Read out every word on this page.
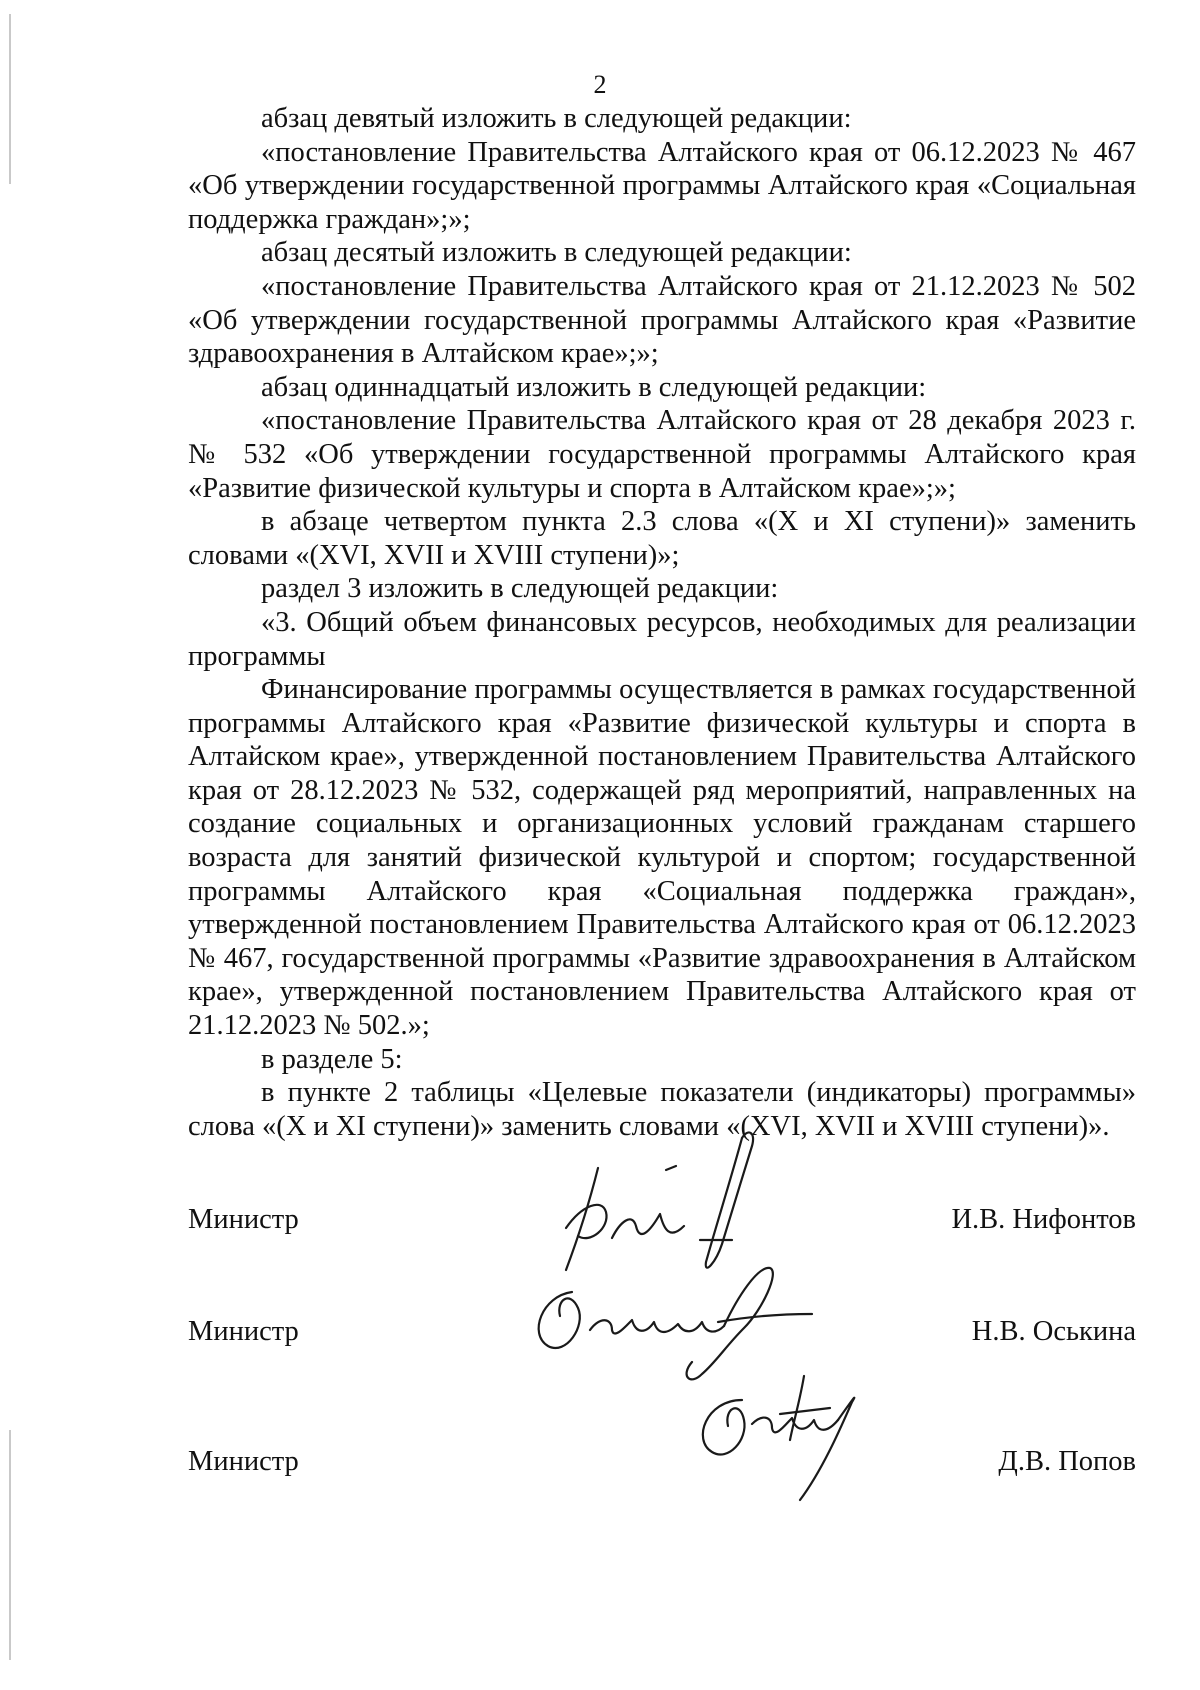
2

абзац девятый изложить в следующей редакции:

«постановление Правительства Алтайского края от 06.12.2023 № 467 «Об утверждении государственной программы Алтайского края «Социальная поддержка граждан»;»;

абзац десятый изложить в следующей редакции:

«постановление Правительства Алтайского края от 21.12.2023 № 502 «Об утверждении государственной программы Алтайского края «Развитие здравоохранения в Алтайском крае»;»;

абзац одиннадцатый изложить в следующей редакции:

«постановление Правительства Алтайского края от 28 декабря 2023 г. № 532 «Об утверждении государственной программы Алтайского края «Развитие физической культуры и спорта в Алтайском крае»;»;

в абзаце четвертом пункта 2.3 слова «(X и XI ступени)» заменить словами «(XVI, XVII и XVIII ступени)»;

раздел 3 изложить в следующей редакции:

«3. Общий объем финансовых ресурсов, необходимых для реализации программы

Финансирование программы осуществляется в рамках государственной программы Алтайского края «Развитие физической культуры и спорта в Алтайском крае», утвержденной постановлением Правительства Алтайского края от 28.12.2023 № 532, содержащей ряд мероприятий, направленных на создание социальных и организационных условий гражданам старшего возраста для занятий физической культурой и спортом; государственной программы Алтайского края «Социальная поддержка граждан», утвержденной постановлением Правительства Алтайского края от 06.12.2023 № 467, государственной программы «Развитие здравоохранения в Алтайском крае», утвержденной постановлением Правительства Алтайского края от 21.12.2023 № 502.»;

в разделе 5:

в пункте 2 таблицы «Целевые показатели (индикаторы) программы» слова «(X и XI ступени)» заменить словами «(XVI, XVII и XVIII ступени)».

Министр	И.В. Нифонтов
Министр	Н.В. Оськина
Министр	Д.В. Попов
